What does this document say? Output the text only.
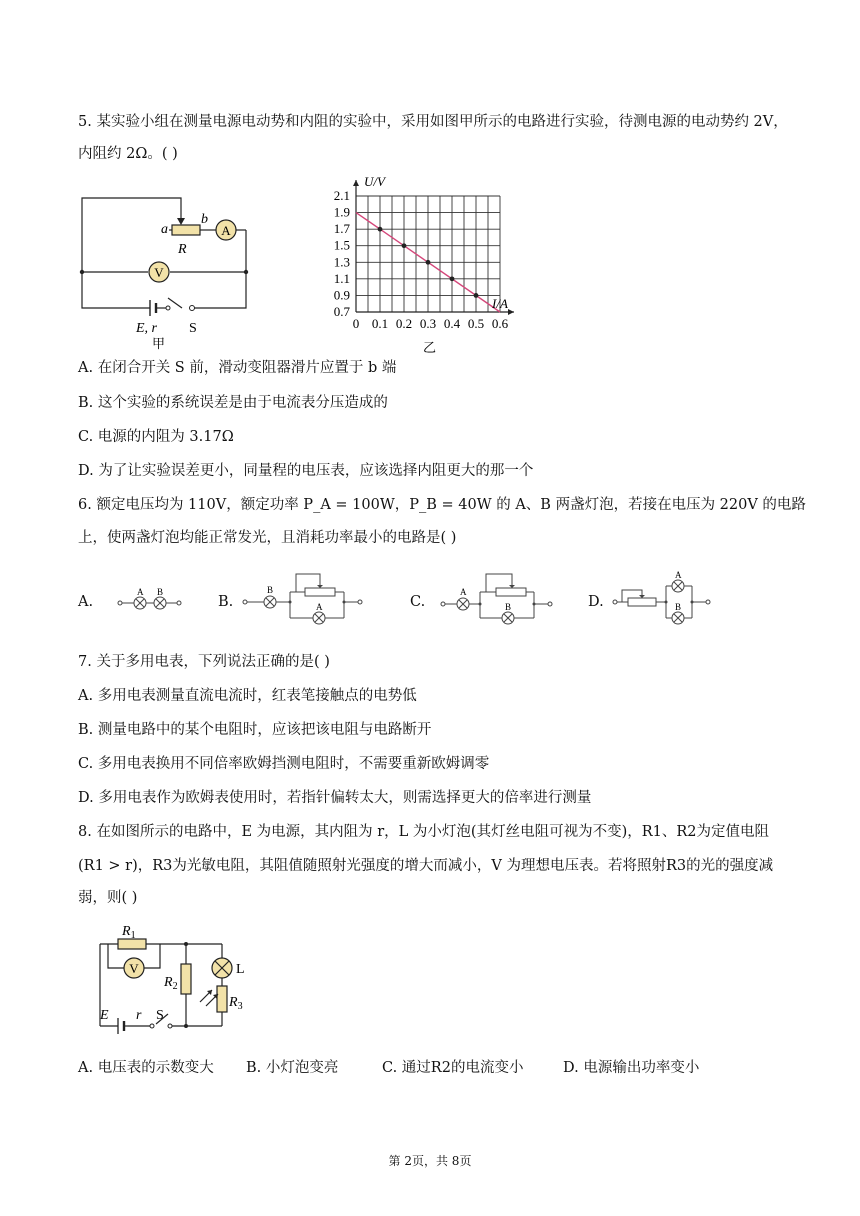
5. 某实验小组在测量电源电动势和内阻的实验中，采用如图甲所示的电路进行实验，待测电源的电动势约 2V，
内阻约 2Ω。( )
A
V
a
b
R
E, r S
甲
0 0.1 0.2 0.3 0.4 0.5 0.6
0.7
0.9
1.1
1.3
1.5
1.7
1.9
2.1
U/V
I/A
乙
A. 在闭合开关 S 前，滑动变阻器滑片应置于 b 端
B. 这个实验的系统误差是由于电流表分压造成的
C. 电源的内阻为 3.17Ω
D. 为了让实验误差更小，同量程的电压表，应该选择内阻更大的那一个
6. 额定电压均为 110V，额定功率 P_A = 100W，P_B = 40W 的 A、B 两盏灯泡，若接在电压为 220V 的电路
上，使两盏灯泡均能正常发光，且消耗功率最小的电路是( )
A.	B.	C.	D.
A B	B
A
A
B
A
B
7. 关于多用电表，下列说法正确的是( )
A. 多用电表测量直流电流时，红表笔接触点的电势低
B. 测量电路中的某个电阻时，应该把该电阻与电路断开
C. 多用电表换用不同倍率欧姆挡测电阻时，不需要重新欧姆调零
D. 多用电表作为欧姆表使用时，若指针偏转太大，则需选择更大的倍率进行测量
8. 在如图所示的电路中，E 为电源，其内阻为 r，L 为小灯泡(其灯丝电阻可视为不变)，R1、R2为定值电阻
(R1 > r)，R3为光敏电阻，其阻值随照射光强度的增大而减小，V 为理想电压表。若将照射R3的光的强度减
弱，则( )
V
$R_1$
$R_2$
$R_3$
L
E r S
A. 电压表的示数变大 B. 小灯泡变亮	C. 通过R2的电流变小	D. 电源输出功率变小
第 2页，共 8页
